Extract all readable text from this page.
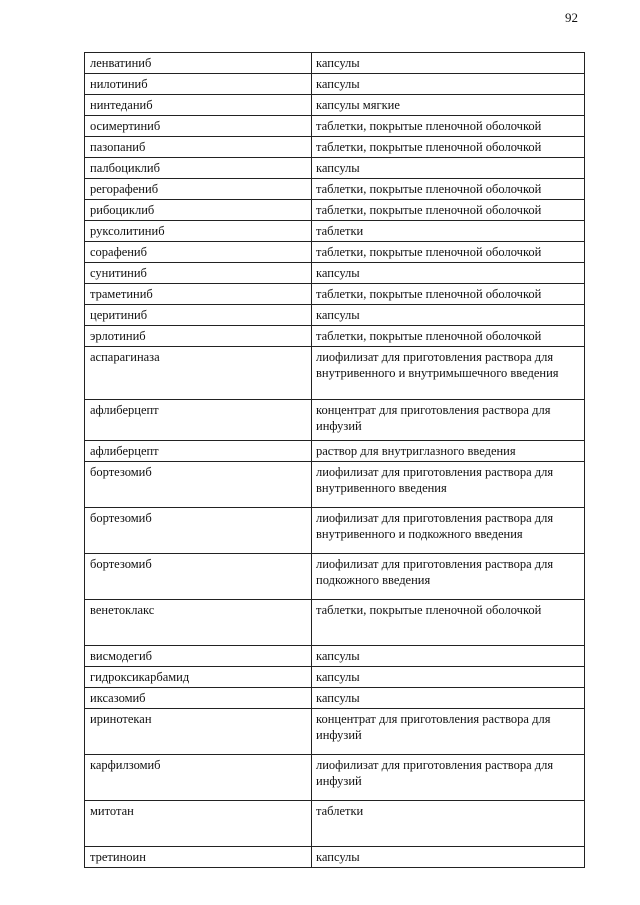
92
ленватиниб	капсулы
нилотиниб	капсулы
нинтеданиб	капсулы мягкие
осимертиниб	таблетки, покрытые пленочной оболочкой
пазопаниб	таблетки, покрытые пленочной оболочкой
палбоциклиб	капсулы
регорафениб	таблетки, покрытые пленочной оболочкой
рибоциклиб	таблетки, покрытые пленочной оболочкой
руксолитиниб	таблетки
сорафениб	таблетки, покрытые пленочной оболочкой
сунитиниб	капсулы
траметиниб	таблетки, покрытые пленочной оболочкой
церитиниб	капсулы
эрлотиниб	таблетки, покрытые пленочной оболочкой
аспарагиназа	лиофилизат для приготовления раствора для внутривенного и внутримышечного введения
афлиберцепт	концентрат для приготовления раствора для инфузий
афлиберцепт	раствор для внутриглазного введения
бортезомиб	лиофилизат для приготовления раствора для внутривенного введения
бортезомиб	лиофилизат для приготовления раствора для внутривенного и подкожного введения
бортезомиб	лиофилизат для приготовления раствора для подкожного введения
венетоклакс	таблетки, покрытые пленочной оболочкой
висмодегиб	капсулы
гидроксикарбамид	капсулы
иксазомиб	капсулы
иринотекан	концентрат для приготовления раствора для инфузий
карфилзомиб	лиофилизат для приготовления раствора для инфузий
митотан	таблетки
третиноин	капсулы
